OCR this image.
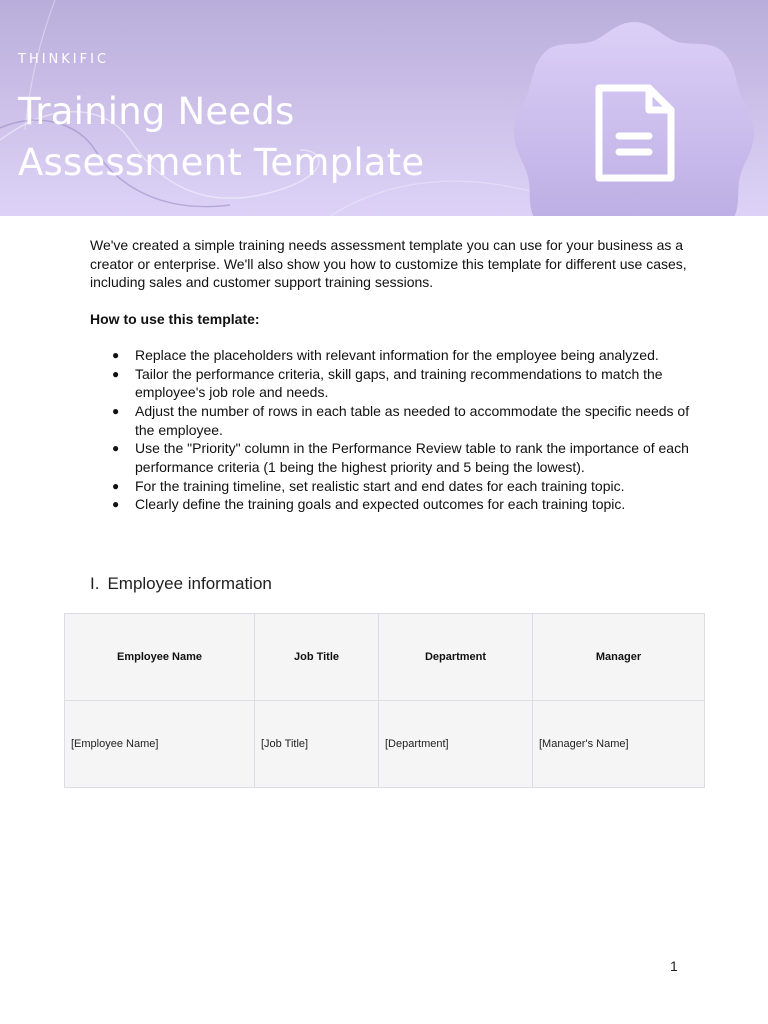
THINKIFIC
Training Needs
Assessment Template

We've created a simple training needs assessment template you can use for your business as a creator or enterprise. We'll also show you how to customize this template for different use cases, including sales and customer support training sessions.

How to use this template:

● Replace the placeholders with relevant information for the employee being analyzed.
● Tailor the performance criteria, skill gaps, and training recommendations to match the employee's job role and needs.
● Adjust the number of rows in each table as needed to accommodate the specific needs of the employee.
● Use the "Priority" column in the Performance Review table to rank the importance of each performance criteria (1 being the highest priority and 5 being the lowest).
● For the training timeline, set realistic start and end dates for each training topic.
● Clearly define the training goals and expected outcomes for each training topic.
I. Employee information
Employee Name	Job Title	Department	Manager
[Employee Name]	[Job Title]	[Department]	[Manager's Name]
1
